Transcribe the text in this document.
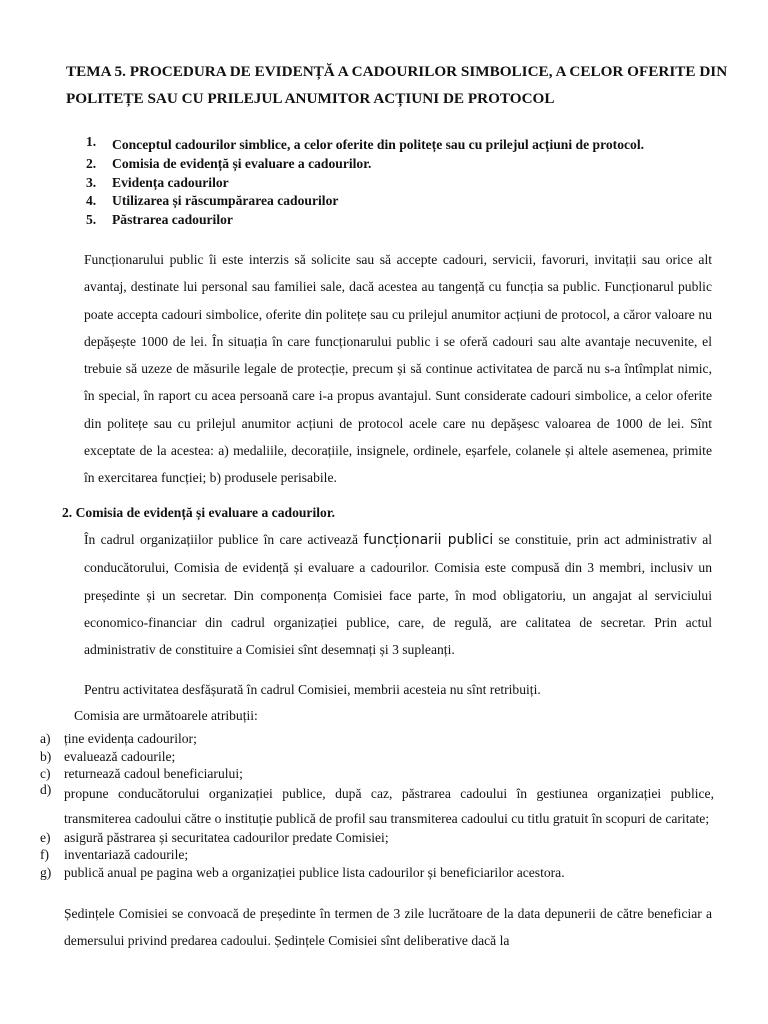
TEMA 5. PROCEDURA DE EVIDENȚĂ A CADOURILOR SIMBOLICE, A CELOR OFERITE DIN POLITEȚE SAU CU PRILEJUL ANUMITOR ACȚIUNI DE PROTOCOL
1.	Conceptul cadourilor simblice, a celor oferite din politețe sau cu prilejul acțiuni de protocol.
2.	Comisia de evidență și evaluare a cadourilor.
3.	Evidența cadourilor
4.	Utilizarea și răscumpărarea cadourilor
5.	Păstrarea cadourilor

Funcționarului public îi este interzis să solicite sau să accepte cadouri, servicii, favoruri, invitații sau orice alt avantaj, destinate lui personal sau familiei sale, dacă acestea au tangență cu funcția sa public. Funcționarul public poate accepta cadouri simbolice, oferite din politețe sau cu prilejul anumitor acțiuni de protocol, a căror valoare nu depășește 1000 de lei. În situația în care funcționarului public i se oferă cadouri sau alte avantaje necuvenite, el trebuie să uzeze de măsurile legale de protecție, precum și să continue activitatea de parcă nu s-a întîmplat nimic, în special, în raport cu acea persoană care i-a propus avantajul. Sunt considerate cadouri simbolice, a celor oferite din politețe sau cu prilejul anumitor acțiuni de protocol acele care nu depășesc valoarea de 1000 de lei. Sînt exceptate de la acestea: a) medaliile, decorațiile, insignele, ordinele, eșarfele, colanele și altele asemenea, primite în exercitarea funcției; b) produsele perisabile.

2. Comisia de evidență și evaluare a cadourilor.

În cadrul organizațiilor publice în care activează funcționarii publici se constituie, prin act administrativ al conducătorului, Comisia de evidență și evaluare a cadourilor. Comisia este compusă din 3 membri, inclusiv un președinte și un secretar. Din componența Comisiei face parte, în mod obligatoriu, un angajat al serviciului economico-financiar din cadrul organizației publice, care, de regulă, are calitatea de secretar. Prin actul administrativ de constituire a Comisiei sînt desemnați și 3 supleanți.

Pentru activitatea desfășurată în cadrul Comisiei, membrii acesteia nu sînt retribuiți.

Comisia are următoarele atribuții:

a) ține evidența cadourilor;
b) evaluează cadourile;
c) returnează cadoul beneficiarului;
d) propune conducătorului organizației publice, după caz, păstrarea cadoului în gestiunea organizației publice, transmiterea cadoului către o instituție publică de profil sau transmiterea cadoului cu titlu gratuit în scopuri de caritate;
e) asigură păstrarea și securitatea cadourilor predate Comisiei;
f)	inventariază cadourile;
g) publică anual pe pagina web a organizației publice lista cadourilor și beneficiarilor acestora.

Ședințele Comisiei se convoacă de președinte în termen de 3 zile lucrătoare de la data depunerii de către beneficiar a demersului privind predarea cadoului. Ședințele Comisiei sînt deliberative dacă la
